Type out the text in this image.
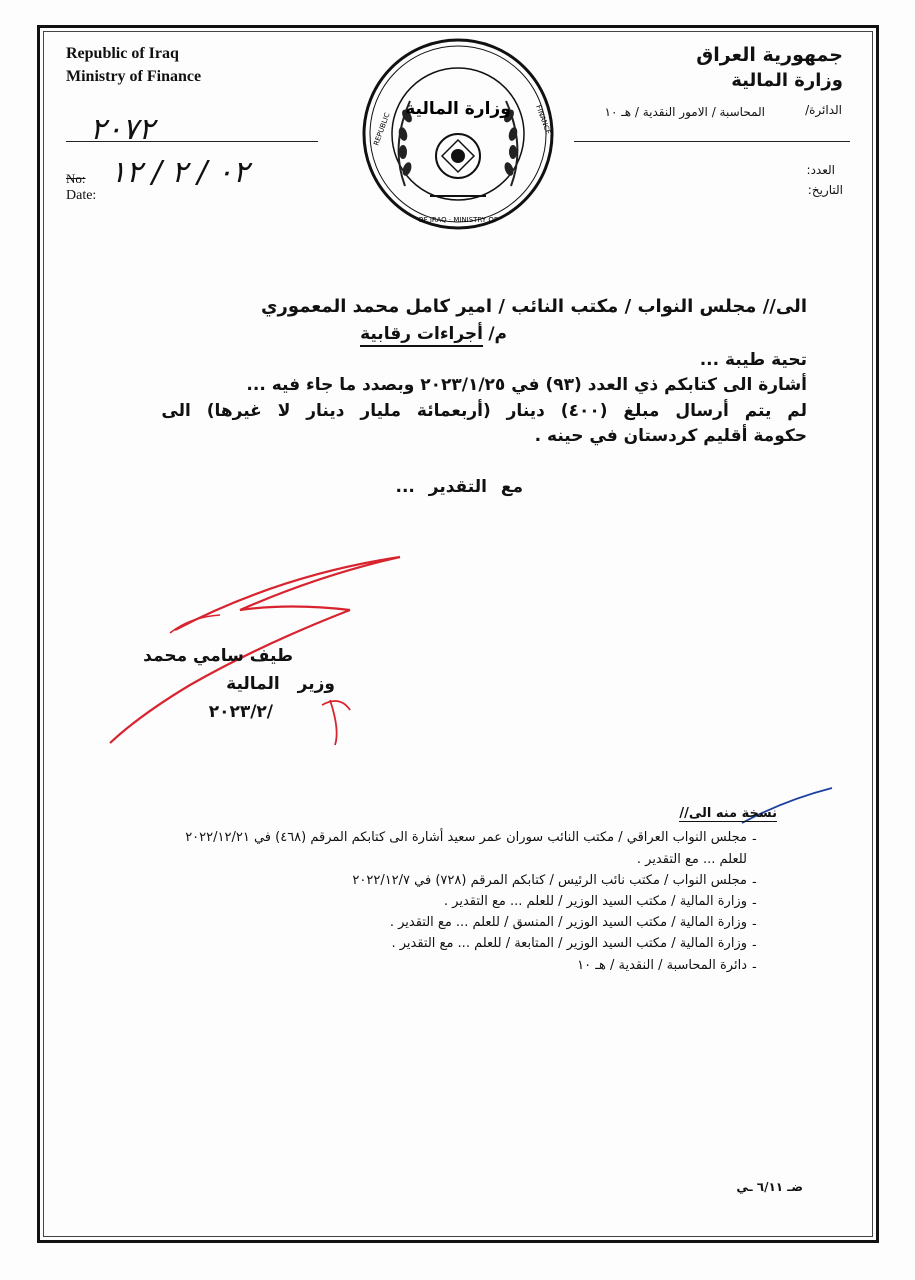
Republic of Iraq
Ministry of Finance
No:
Date:
٢٠٧٢
٠٢ / ٢ / ١٢
جمهورية العراق
وزارة المالية
الدائرة/
المحاسبة / الامور النقدية / هـ ١٠
العدد:
التاريخ:
وزارة المالية
REPUBLIC	FINANCE
OF IRAQ · MINISTRY OF
الى// مجلس النواب / مكتب النائب / امير كامل محمد المعموري
م/
أجراءات رقابية
تحية طيبة ...
أشارة الى كتابكم ذي العدد (٩٣) في ٢٠٢٣/١/٢٥ وبصدد ما جاء فيه ...
لم يتم أرسال مبلغ (٤٠٠) دينار (أربعمائة مليار دينار لا غيرها) الى
حكومة أقليم كردستان في حينه .
مع التقدير ...
طيف سامي محمد
وزير المالية
٢٠٢٣/٢/
نسخة منه الى//
-
مجلس النواب العراقي / مكتب النائب سوران عمر سعيد أشارة الى كتابكم المرقم (٤٦٨) في ٢٠٢٢/١٢/٢١
للعلم ... مع التقدير .
-
مجلس النواب / مكتب نائب الرئيس / كتابكم المرقم (٧٢٨) في ٢٠٢٢/١٢/٧
-
وزارة المالية / مكتب السيد الوزير / للعلم ... مع التقدير .
-
وزارة المالية / مكتب السيد الوزير / المنسق / للعلم ... مع التقدير .
-
وزارة المالية / مكتب السيد الوزير / المتابعة / للعلم ... مع التقدير .
-
دائرة المحاسبة / النقدية / هـ ١٠
ضـ ٦/١١ ـي
